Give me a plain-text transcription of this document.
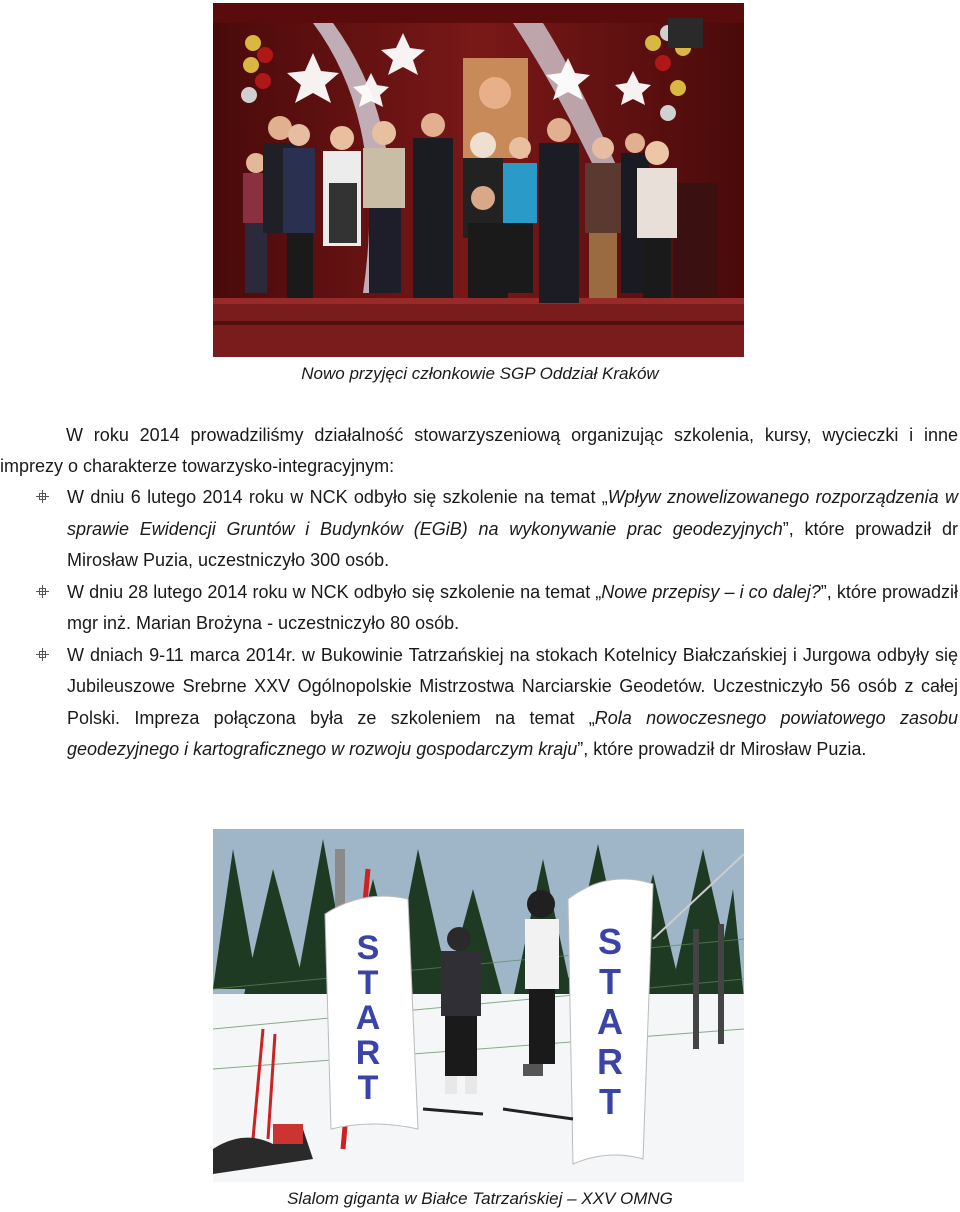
Nowo przyjęci członkowie SGP Oddział Kraków
W roku 2014 prowadziliśmy działalność stowarzyszeniową organizując szkolenia, kursy, wycieczki i inne imprezy o charakterze towarzysko-integracyjnym:
W dniu 6 lutego 2014 roku w NCK odbyło się szkolenie na temat „Wpływ znowelizowanego rozporządzenia w sprawie Ewidencji Gruntów i Budynków (EGiB) na wykonywanie prac geodezyjnych”, które prowadził dr Mirosław Puzia, uczestniczyło 300 osób.
W dniu 28 lutego 2014 roku w NCK odbyło się szkolenie na temat „Nowe przepisy – i co dalej?”, które prowadził mgr inż. Marian Brożyna - uczestniczyło 80 osób.
W dniach 9-11 marca 2014r. w Bukowinie Tatrzańskiej na stokach Kotelnicy Białczańskiej i Jurgowa odbyły się Jubileuszowe Srebrne XXV Ogólnopolskie Mistrzostwa Narciarskie Geodetów. Uczestniczyło 56 osób z całej Polski. Impreza połączona była ze szkoleniem na temat „Rola nowoczesnego powiatowego zasobu geodezyjnego i kartograficznego w rozwoju gospodarczym kraju”, które prowadził dr Mirosław Puzia.
S
T
A
R
T
S
T
A
R
T
Slalom giganta w Białce Tatrzańskiej – XXV OMNG
